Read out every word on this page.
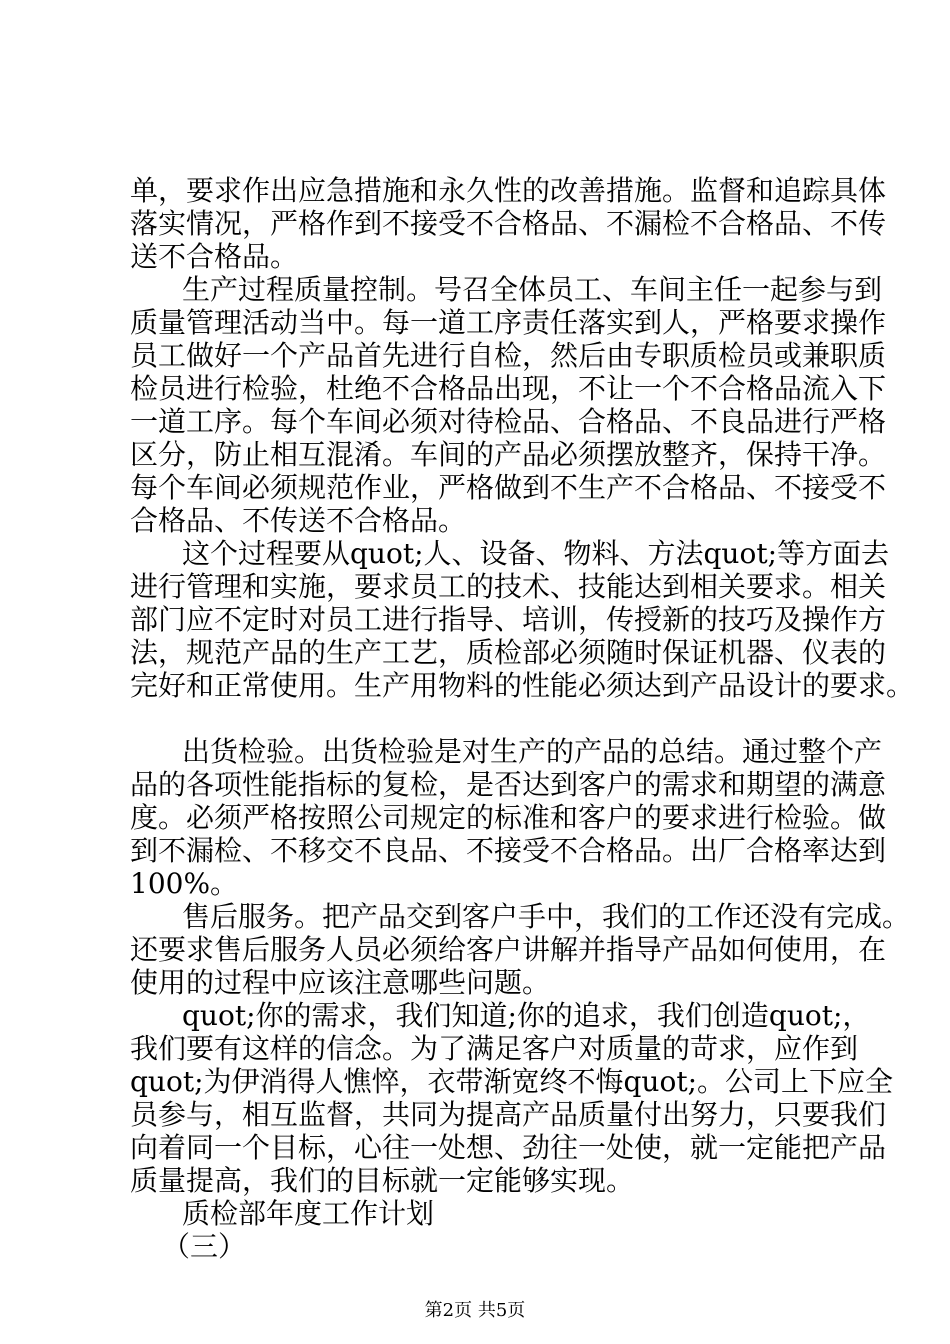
单，要求作出应急措施和永久性的改善措施。监督和追踪具体
落实情况，严格作到不接受不合格品、不漏检不合格品、不传
送不合格品。
生产过程质量控制。号召全体员工、车间主任一起参与到
质量管理活动当中。每一道工序责任落实到人，严格要求操作
员工做好一个产品首先进行自检，然后由专职质检员或兼职质
检员进行检验，杜绝不合格品出现，不让一个不合格品流入下
一道工序。每个车间必须对待检品、合格品、不良品进行严格
区分，防止相互混淆。车间的产品必须摆放整齐，保持干净。
每个车间必须规范作业，严格做到不生产不合格品、不接受不
合格品、不传送不合格品。
这个过程要从quot;人、设备、物料、方法quot;等方面去
进行管理和实施，要求员工的技术、技能达到相关要求。相关
部门应不定时对员工进行指导、培训，传授新的技巧及操作方
法，规范产品的生产工艺，质检部必须随时保证机器、仪表的
完好和正常使用。生产用物料的性能必须达到产品设计的要求。
出货检验。出货检验是对生产的产品的总结。通过整个产
品的各项性能指标的复检，是否达到客户的需求和期望的满意
度。必须严格按照公司规定的标准和客户的要求进行检验。做
到不漏检、不移交不良品、不接受不合格品。出厂合格率达到
100%。
售后服务。把产品交到客户手中，我们的工作还没有完成。
还要求售后服务人员必须给客户讲解并指导产品如何使用，在
使用的过程中应该注意哪些问题。
quot;你的需求，我们知道;你的追求，我们创造quot;，
我们要有这样的信念。为了满足客户对质量的苛求，应作到
quot;为伊消得人憔悴，衣带渐宽终不悔quot;。公司上下应全
员参与，相互监督，共同为提高产品质量付出努力，只要我们
向着同一个目标，心往一处想、劲往一处使，就一定能把产品
质量提高，我们的目标就一定能够实现。
质检部年度工作计划
（三）
第2页 共5页
